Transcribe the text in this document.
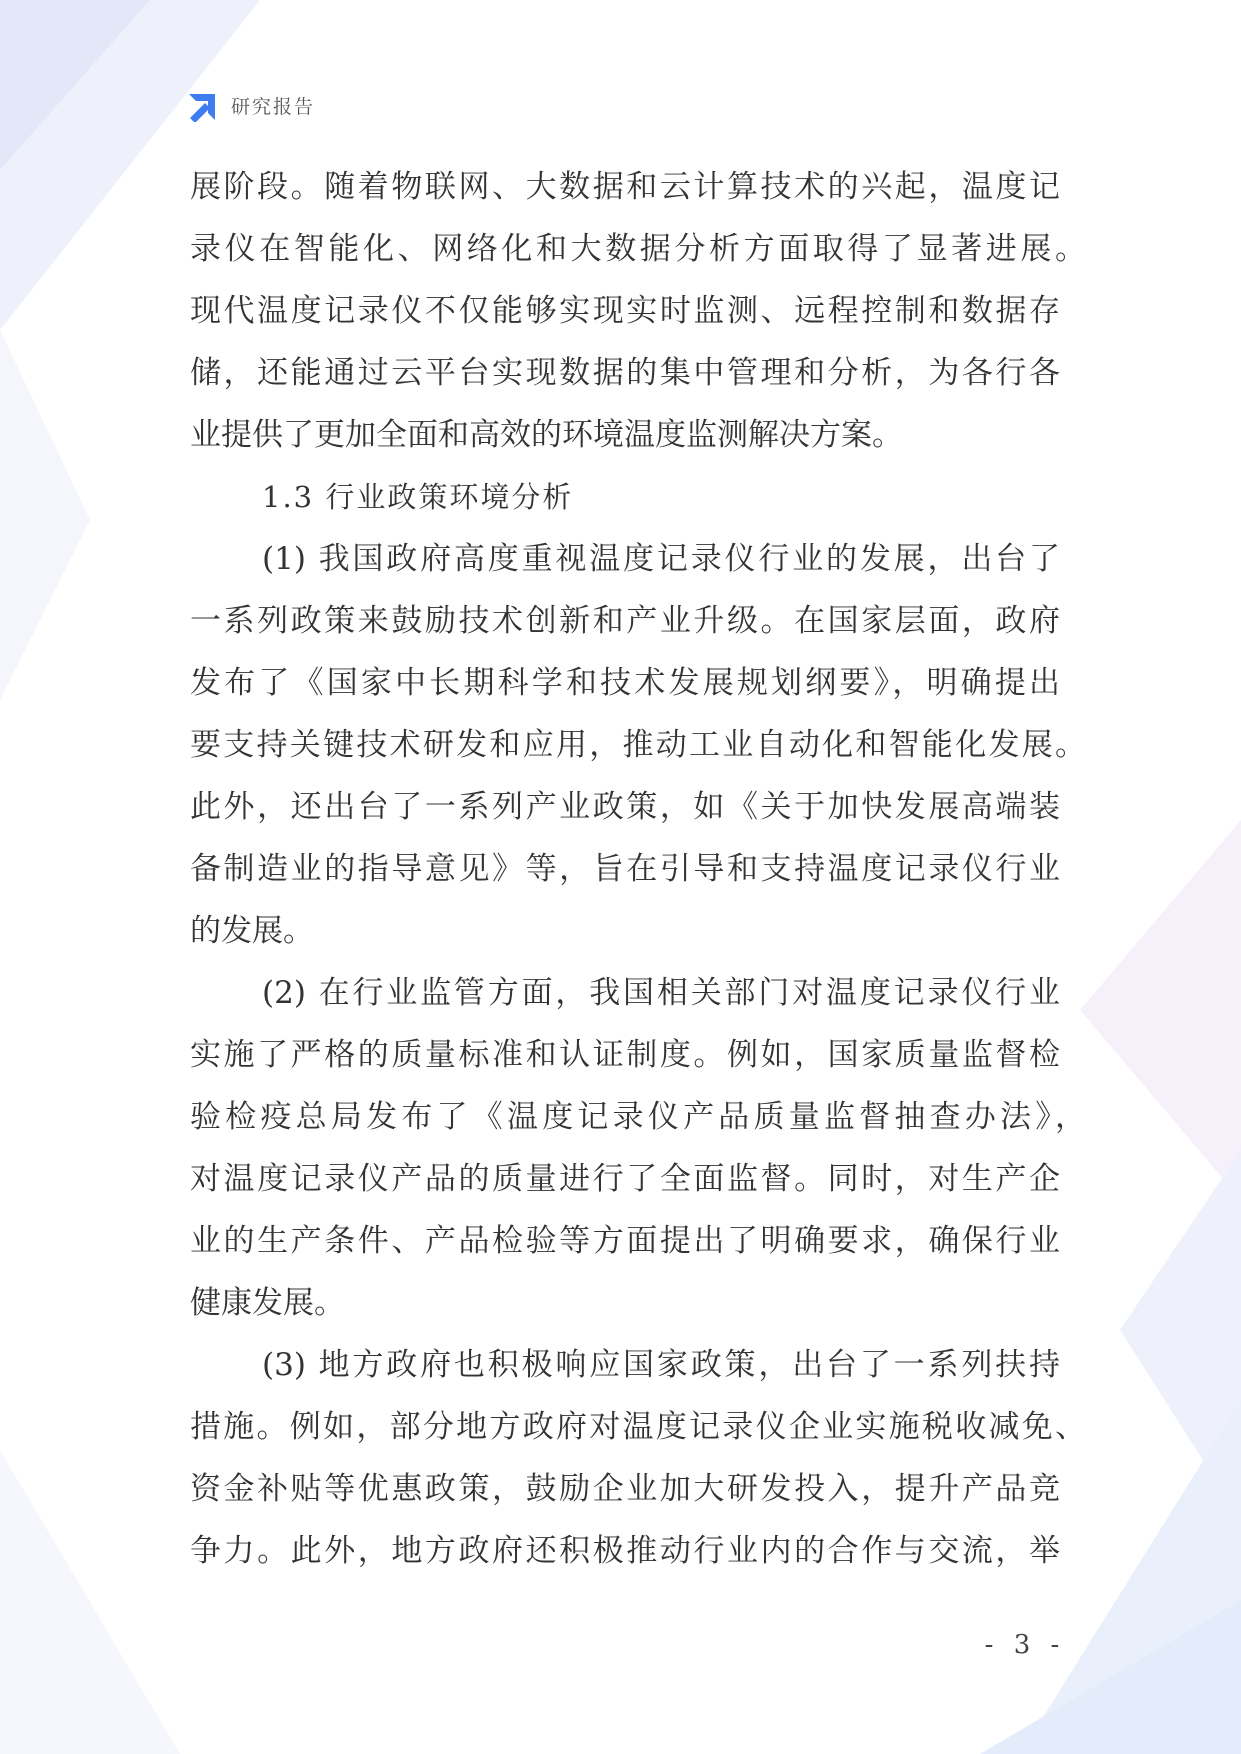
研究报告
展阶段。随着物联网、大数据和云计算技术的兴起，温度记
录仪在智能化、网络化和大数据分析方面取得了显著进展。
现代温度记录仪不仅能够实现实时监测、远程控制和数据存
储，还能通过云平台实现数据的集中管理和分析，为各行各
业提供了更加全面和高效的环境温度监测解决方案。
1.3 行业政策环境分析
(1) 我国政府高度重视温度记录仪行业的发展，出台了
一系列政策来鼓励技术创新和产业升级。在国家层面，政府
发布了《国家中长期科学和技术发展规划纲要》，明确提出
要支持关键技术研发和应用，推动工业自动化和智能化发展。
此外，还出台了一系列产业政策，如《关于加快发展高端装
备制造业的指导意见》等，旨在引导和支持温度记录仪行业
的发展。
(2) 在行业监管方面，我国相关部门对温度记录仪行业
实施了严格的质量标准和认证制度。例如，国家质量监督检
验检疫总局发布了《温度记录仪产品质量监督抽查办法》，
对温度记录仪产品的质量进行了全面监督。同时，对生产企
业的生产条件、产品检验等方面提出了明确要求，确保行业
健康发展。
(3) 地方政府也积极响应国家政策，出台了一系列扶持
措施。例如，部分地方政府对温度记录仪企业实施税收减免、
资金补贴等优惠政策，鼓励企业加大研发投入，提升产品竞
争力。此外，地方政府还积极推动行业内的合作与交流，举
- 3 -
